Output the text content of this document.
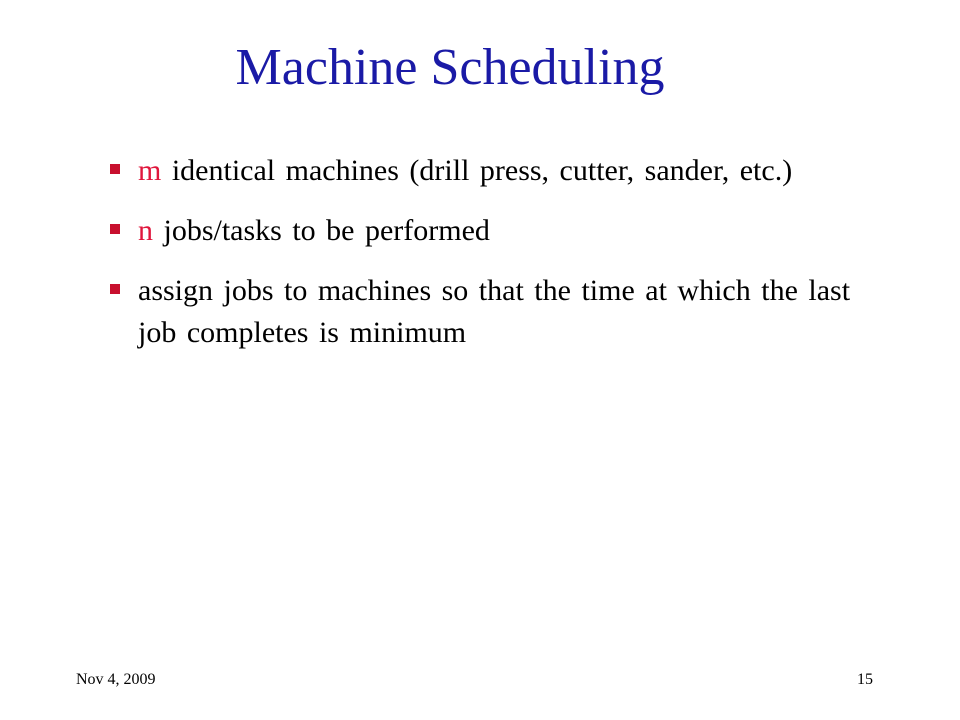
Machine Scheduling
m identical machines (drill press, cutter, sander, etc.)
n jobs/tasks to be performed
assign jobs to machines so that the time at which the last job completes is minimum
Nov 4, 2009	15
